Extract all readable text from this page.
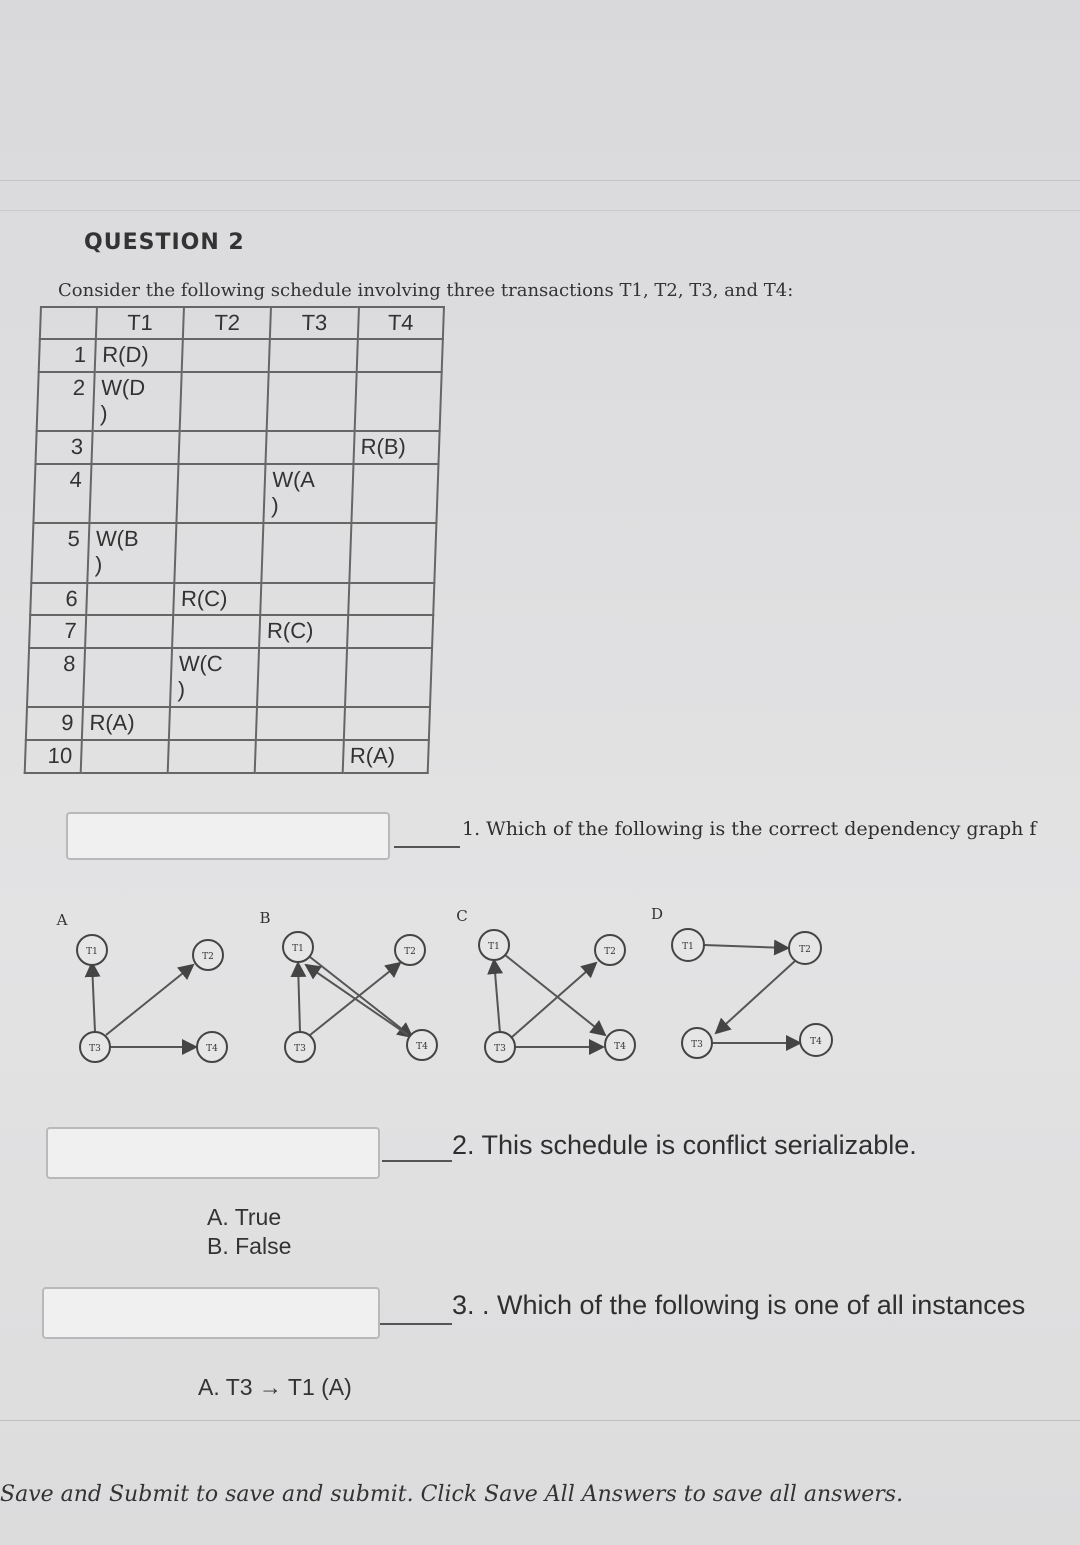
QUESTION 2
Consider the following schedule involving three transactions T1, T2, T3, and T4:
	T1	T2	T3	T4
1	R(D)			
2	W(D
)			
3				R(B)
4			W(A
)	
5	W(B
)			
6		R(C)		
7			R(C)	
8		W(C
)		
9	R(A)			
10				R(A)
1. Which of the following is the correct dependency graph f
A
T1	T2
T3	T4
B
T1	T2
T3	T4
C
T1	T2
T3	T4
D
T1	T2
T3	T4
2. This schedule is conflict serializable.
A. True
B. False
3. . Which of the following is one of all instances
A. T3 → T1 (A)
Save and Submit to save and submit. Click Save All Answers to save all answers.
